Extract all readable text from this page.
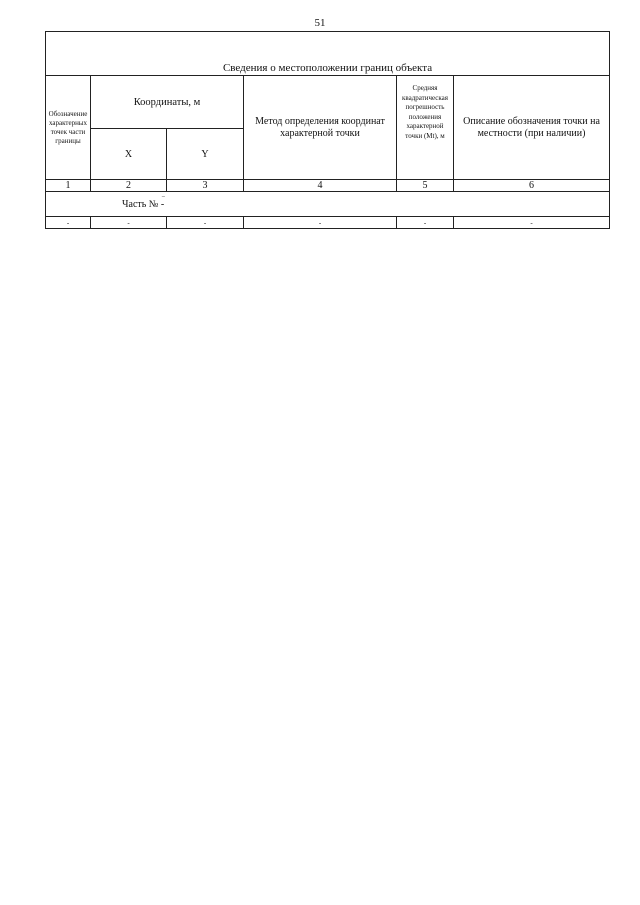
51
Сведения о местоположении границ объекта					
Обозначение характерных точек части границы	Координаты, м		Метод определения координат характерной точки	Средняя квадратическая погрешность положения характерной точки (Mt), м	Описание обозначения точки на местности (при наличии)
	X	Y			
1	2	3	4	5	6
Часть №
–
-					
-	-	-	-	-	-
